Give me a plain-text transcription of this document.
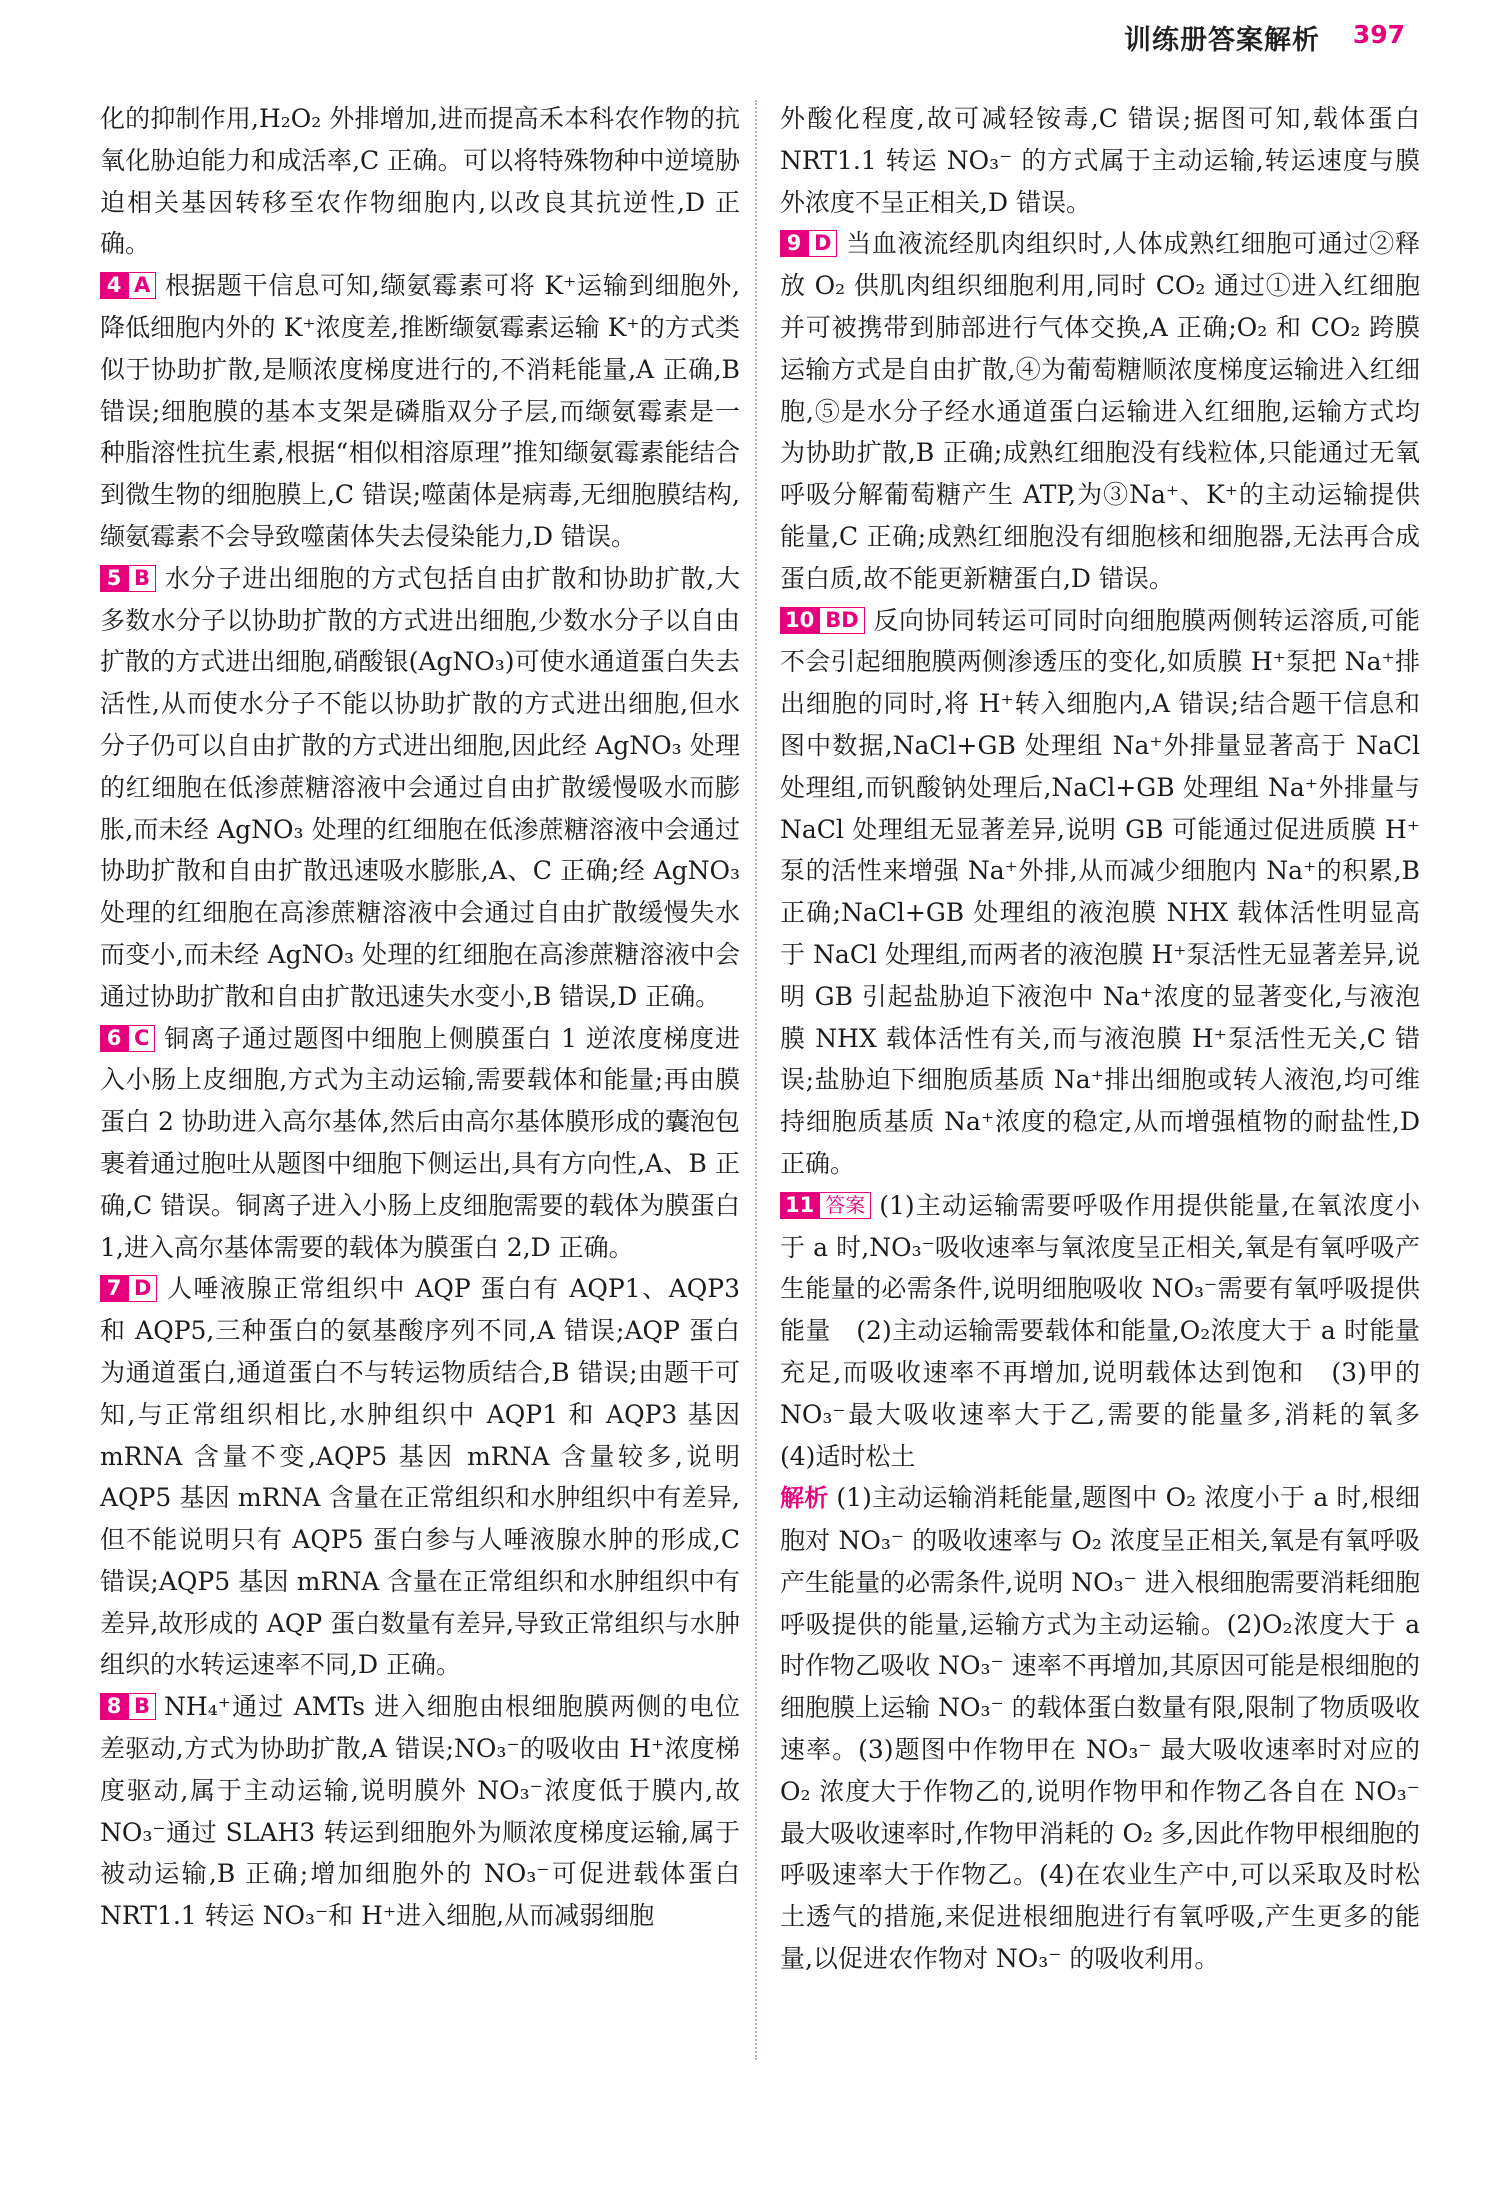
训练册答案解析 397

化的抑制作用,H₂O₂ 外排增加,进而提高禾本科农作物的抗氧化胁迫能力和成活率,C 正确。可以将特殊物种中逆境胁迫相关基因转移至农作物细胞内,以改良其抗逆性,D 正确。

4 A 根据题干信息可知,缬氨霉素可将 K⁺运输到细胞外,降低细胞内外的 K⁺浓度差,推断缬氨霉素运输 K⁺的方式类似于协助扩散,是顺浓度梯度进行的,不消耗能量,A 正确,B 错误;细胞膜的基本支架是磷脂双分子层,而缬氨霉素是一种脂溶性抗生素,根据“相似相溶原理”推知缬氨霉素能结合到微生物的细胞膜上,C 错误;噬菌体是病毒,无细胞膜结构,缬氨霉素不会导致噬菌体失去侵染能力,D 错误。

5 B 水分子进出细胞的方式包括自由扩散和协助扩散,大多数水分子以协助扩散的方式进出细胞,少数水分子以自由扩散的方式进出细胞,硝酸银(AgNO₃)可使水通道蛋白失去活性,从而使水分子不能以协助扩散的方式进出细胞,但水分子仍可以自由扩散的方式进出细胞,因此经 AgNO₃ 处理的红细胞在低渗蔗糖溶液中会通过自由扩散缓慢吸水而膨胀,而未经 AgNO₃ 处理的红细胞在低渗蔗糖溶液中会通过协助扩散和自由扩散迅速吸水膨胀,A、C 正确;经 AgNO₃ 处理的红细胞在高渗蔗糖溶液中会通过自由扩散缓慢失水而变小,而未经 AgNO₃ 处理的红细胞在高渗蔗糖溶液中会通过协助扩散和自由扩散迅速失水变小,B 错误,D 正确。

6 C 铜离子通过题图中细胞上侧膜蛋白 1 逆浓度梯度进入小肠上皮细胞,方式为主动运输,需要载体和能量;再由膜蛋白 2 协助进入高尔基体,然后由高尔基体膜形成的囊泡包裹着通过胞吐从题图中细胞下侧运出,具有方向性,A、B 正确,C 错误。铜离子进入小肠上皮细胞需要的载体为膜蛋白 1,进入高尔基体需要的载体为膜蛋白 2,D 正确。

7 D 人唾液腺正常组织中 AQP 蛋白有 AQP1、AQP3 和 AQP5,三种蛋白的氨基酸序列不同,A 错误;AQP 蛋白为通道蛋白,通道蛋白不与转运物质结合,B 错误;由题干可知,与正常组织相比,水肿组织中 AQP1 和 AQP3 基因 mRNA 含量不变,AQP5 基因 mRNA 含量较多,说明 AQP5 基因 mRNA 含量在正常组织和水肿组织中有差异,但不能说明只有 AQP5 蛋白参与人唾液腺水肿的形成,C 错误;AQP5 基因 mRNA 含量在正常组织和水肿组织中有差异,故形成的 AQP 蛋白数量有差异,导致正常组织与水肿组织的水转运速率不同,D 正确。

8 B NH₄⁺通过 AMTs 进入细胞由根细胞膜两侧的电位差驱动,方式为协助扩散,A 错误;NO₃⁻的吸收由 H⁺浓度梯度驱动,属于主动运输,说明膜外 NO₃⁻浓度低于膜内,故 NO₃⁻通过 SLAH3 转运到细胞外为顺浓度梯度运输,属于被动运输,B 正确;增加细胞外的 NO₃⁻可促进载体蛋白 NRT1.1 转运 NO₃⁻和 H⁺进入细胞,从而减弱细胞

外酸化程度,故可减轻铵毒,C 错误;据图可知,载体蛋白 NRT1.1 转运 NO₃⁻ 的方式属于主动运输,转运速度与膜外浓度不呈正相关,D 错误。

9 D 当血液流经肌肉组织时,人体成熟红细胞可通过②释放 O₂ 供肌肉组织细胞利用,同时 CO₂ 通过①进入红细胞并可被携带到肺部进行气体交换,A 正确;O₂ 和 CO₂ 跨膜运输方式是自由扩散,④为葡萄糖顺浓度梯度运输进入红细胞,⑤是水分子经水通道蛋白运输进入红细胞,运输方式均为协助扩散,B 正确;成熟红细胞没有线粒体,只能通过无氧呼吸分解葡萄糖产生 ATP,为③Na⁺、K⁺的主动运输提供能量,C 正确;成熟红细胞没有细胞核和细胞器,无法再合成蛋白质,故不能更新糖蛋白,D 错误。

10 BD 反向协同转运可同时向细胞膜两侧转运溶质,可能不会引起细胞膜两侧渗透压的变化,如质膜 H⁺泵把 Na⁺排出细胞的同时,将 H⁺转入细胞内,A 错误;结合题干信息和图中数据,NaCl+GB 处理组 Na⁺外排量显著高于 NaCl 处理组,而钒酸钠处理后,NaCl+GB 处理组 Na⁺外排量与 NaCl 处理组无显著差异,说明 GB 可能通过促进质膜 H⁺泵的活性来增强 Na⁺外排,从而减少细胞内 Na⁺的积累,B 正确;NaCl+GB 处理组的液泡膜 NHX 载体活性明显高于 NaCl 处理组,而两者的液泡膜 H⁺泵活性无显著差异,说明 GB 引起盐胁迫下液泡中 Na⁺浓度的显著变化,与液泡膜 NHX 载体活性有关,而与液泡膜 H⁺泵活性无关,C 错误;盐胁迫下细胞质基质 Na⁺排出细胞或转人液泡,均可维持细胞质基质 Na⁺浓度的稳定,从而增强植物的耐盐性,D 正确。

11 答案 (1)主动运输需要呼吸作用提供能量,在氧浓度小于 a 时,NO₃⁻吸收速率与氧浓度呈正相关,氧是有氧呼吸产生能量的必需条件,说明细胞吸收 NO₃⁻需要有氧呼吸提供能量　(2)主动运输需要载体和能量,O₂浓度大于 a 时能量充足,而吸收速率不再增加,说明载体达到饱和　(3)甲的 NO₃⁻最大吸收速率大于乙,需要的能量多,消耗的氧多　(4)适时松土

解析 (1)主动运输消耗能量,题图中 O₂ 浓度小于 a 时,根细胞对 NO₃⁻ 的吸收速率与 O₂ 浓度呈正相关,氧是有氧呼吸产生能量的必需条件,说明 NO₃⁻ 进入根细胞需要消耗细胞呼吸提供的能量,运输方式为主动运输。(2)O₂浓度大于 a 时作物乙吸收 NO₃⁻ 速率不再增加,其原因可能是根细胞的细胞膜上运输 NO₃⁻ 的载体蛋白数量有限,限制了物质吸收速率。(3)题图中作物甲在 NO₃⁻ 最大吸收速率时对应的 O₂ 浓度大于作物乙的,说明作物甲和作物乙各自在 NO₃⁻ 最大吸收速率时,作物甲消耗的 O₂ 多,因此作物甲根细胞的呼吸速率大于作物乙。(4)在农业生产中,可以采取及时松土透气的措施,来促进根细胞进行有氧呼吸,产生更多的能量,以促进农作物对 NO₃⁻ 的吸收利用。
